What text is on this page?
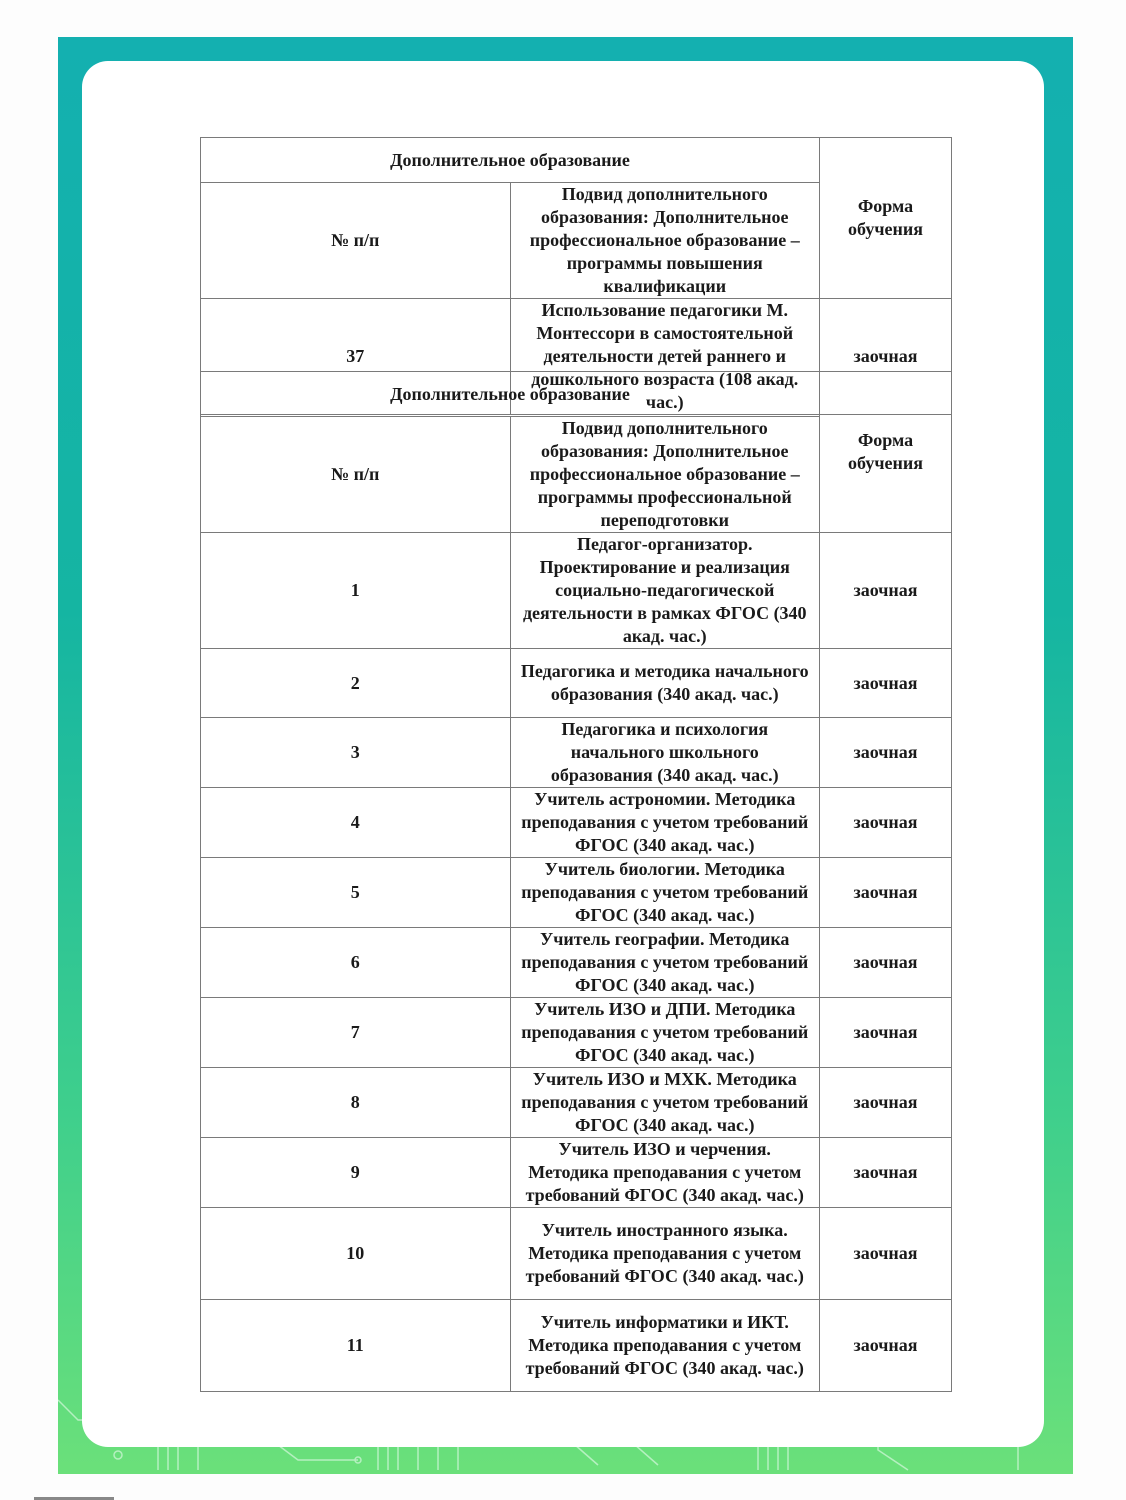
Дополнительное образование		Форма обучения
№ п/п	Подвид дополнительного образования: Дополнительное профессиональное образование – программы повышения квалификации	
37	Использование педагогики М. Монтессори в самостоятельной деятельности детей раннего и дошкольного возраста (108 акад. час.)	заочная
Дополнительное образование		Форма обучения
№ п/п	Подвид дополнительного образования: Дополнительное профессиональное образование – программы профессиональной переподготовки	
1	Педагог-организатор. Проектирование и реализация социально-педагогической деятельности в рамках ФГОС (340 акад. час.)	заочная
2	Педагогика и методика начального образования (340 акад. час.)	заочная
3	Педагогика и психология начального школьного образования (340 акад. час.)	заочная
4	Учитель астрономии. Методика преподавания с учетом требований ФГОС (340 акад. час.)	заочная
5	Учитель биологии. Методика преподавания с учетом требований ФГОС (340 акад. час.)	заочная
6	Учитель географии. Методика преподавания с учетом требований ФГОС (340 акад. час.)	заочная
7	Учитель ИЗО и ДПИ. Методика преподавания с учетом требований ФГОС (340 акад. час.)	заочная
8	Учитель ИЗО и МХК. Методика преподавания с учетом требований ФГОС (340 акад. час.)	заочная
9	Учитель ИЗО и черчения. Методика преподавания с учетом требований ФГОС (340 акад. час.)	заочная
10	Учитель иностранного языка. Методика преподавания с учетом требований ФГОС (340 акад. час.)	заочная
11	Учитель информатики и ИКТ. Методика преподавания с учетом требований ФГОС (340 акад. час.)	заочная
